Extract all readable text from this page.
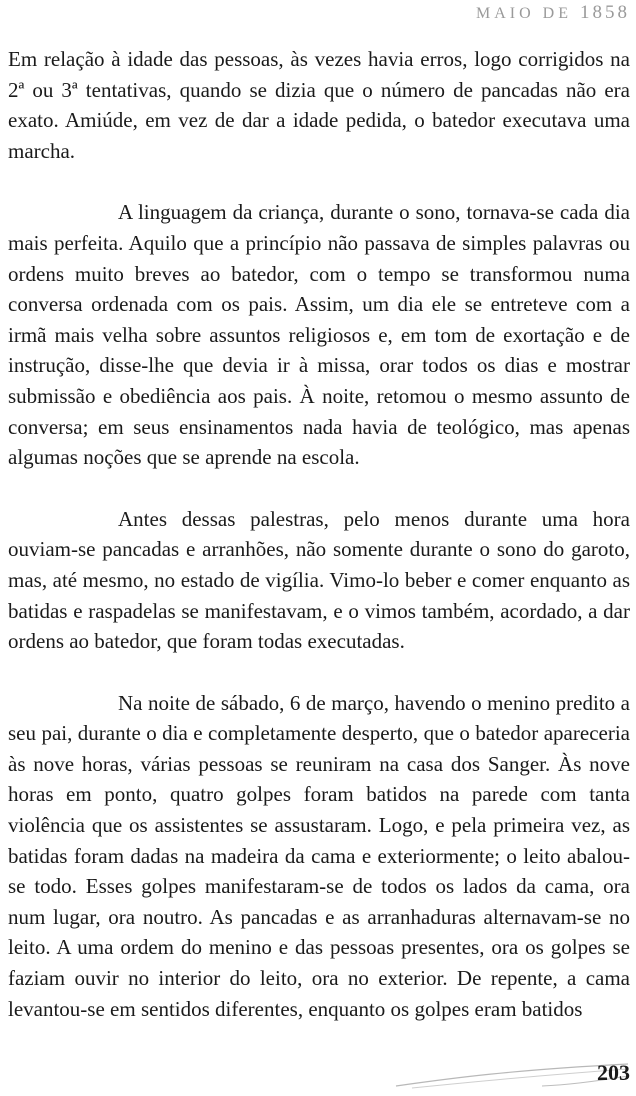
MAIO DE 1858

Em relação à idade das pessoas, às vezes havia erros, logo corrigidos na 2ª ou 3ª tentativas, quando se dizia que o número de pancadas não era exato. Amiúde, em vez de dar a idade pedida, o batedor executava uma marcha.

A linguagem da criança, durante o sono, tornava-se cada dia mais perfeita. Aquilo que a princípio não passava de simples palavras ou ordens muito breves ao batedor, com o tempo se transformou numa conversa ordenada com os pais. Assim, um dia ele se entreteve com a irmã mais velha sobre assuntos religiosos e, em tom de exortação e de instrução, disse-lhe que devia ir à missa, orar todos os dias e mostrar submissão e obediência aos pais. À noite, retomou o mesmo assunto de conversa; em seus ensinamentos nada havia de teológico, mas apenas algumas noções que se aprende na escola.

Antes dessas palestras, pelo menos durante uma hora ouviam-se pancadas e arranhões, não somente durante o sono do garoto, mas, até mesmo, no estado de vigília. Vimo-lo beber e comer enquanto as batidas e raspadelas se manifestavam, e o vimos também, acordado, a dar ordens ao batedor, que foram todas executadas.

Na noite de sábado, 6 de março, havendo o menino predito a seu pai, durante o dia e completamente desperto, que o batedor apareceria às nove horas, várias pessoas se reuniram na casa dos Sanger. Às nove horas em ponto, quatro golpes foram batidos na parede com tanta violência que os assistentes se assustaram. Logo, e pela primeira vez, as batidas foram dadas na madeira da cama e exteriormente; o leito abalou-se todo. Esses golpes manifestaram-se de todos os lados da cama, ora num lugar, ora noutro. As pancadas e as arranhaduras alternavam-se no leito. A uma ordem do menino e das pessoas presentes, ora os golpes se faziam ouvir no interior do leito, ora no exterior. De repente, a cama levantou-se em sentidos diferentes, enquanto os golpes eram batidos

203
